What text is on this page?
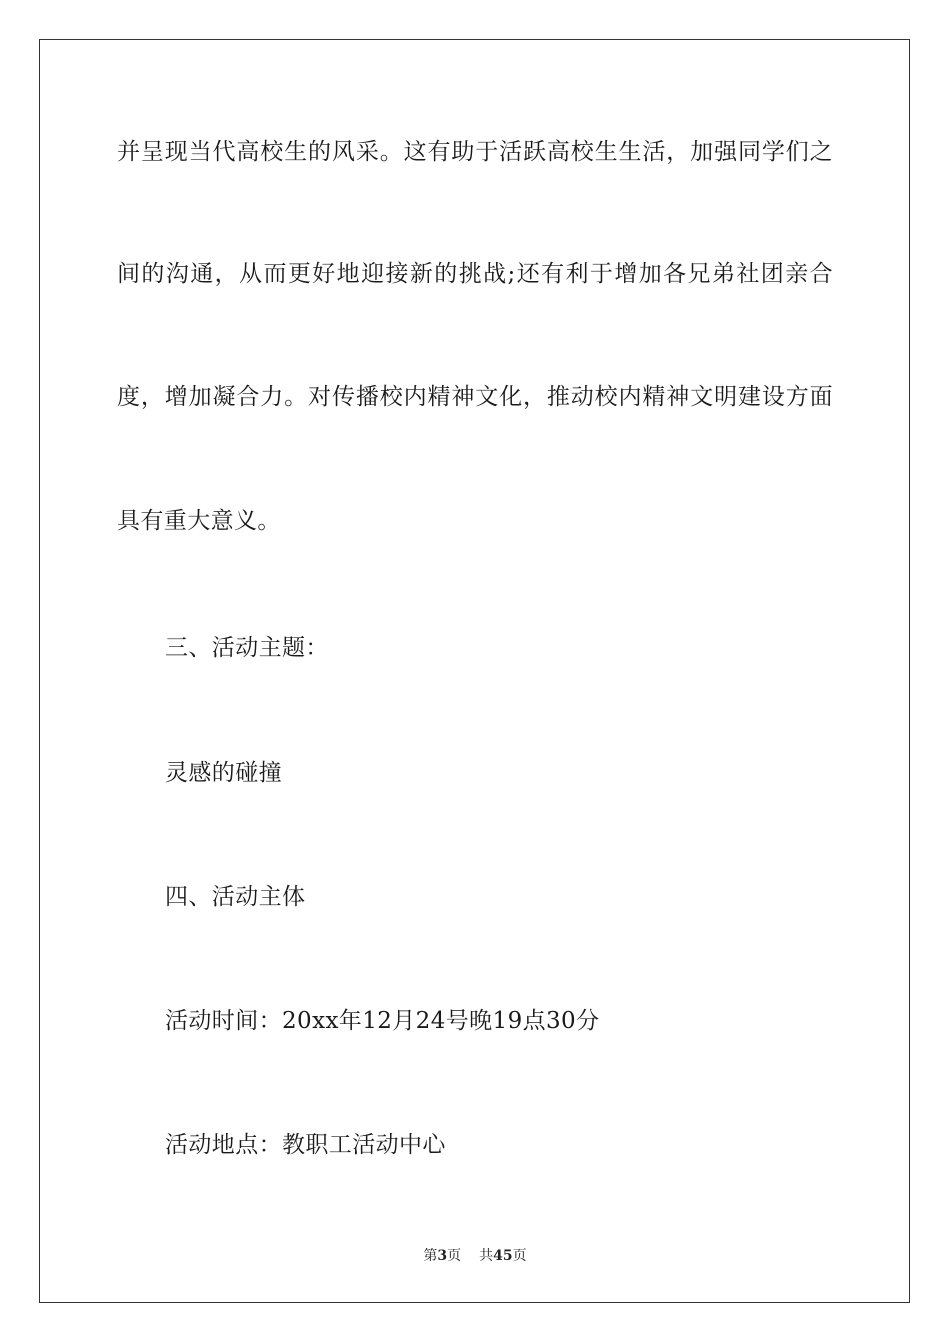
并呈现当代高校生的风采。这有助于活跃高校生生活，加强同学们之

间的沟通，从而更好地迎接新的挑战;还有利于增加各兄弟社团亲合

度，增加凝合力。对传播校内精神文化，推动校内精神文明建设方面

具有重大意义。

三、活动主题：

灵感的碰撞

四、活动主体

活动时间：20xx年12月24号晚19点30分

活动地点：教职工活动中心

第3页 共45页
